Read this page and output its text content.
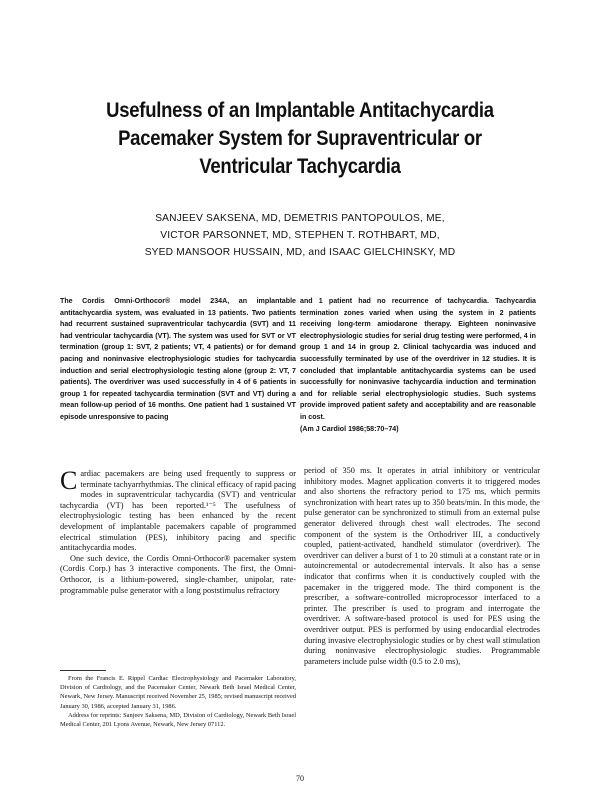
Usefulness of an Implantable Antitachycardia Pacemaker System for Supraventricular or Ventricular Tachycardia
SANJEEV SAKSENA, MD, DEMETRIS PANTOPOULOS, ME,
VICTOR PARSONNET, MD, STEPHEN T. ROTHBART, MD,
SYED MANSOOR HUSSAIN, MD, and ISAAC GIELCHINSKY, MD

The Cordis Omni-Orthocor® model 234A, an implantable antitachycardia system, was evaluated in 13 patients. Two patients had recurrent sustained supraventricular tachycardia (SVT) and 11 had ventricular tachycardia (VT). The system was used for SVT or VT termination (group 1: SVT, 2 patients; VT, 4 patients) or for demand pacing and noninvasive electrophysiologic studies for tachycardia induction and serial electrophysiologic testing alone (group 2: VT, 7 patients). The overdriver was used successfully in 4 of 6 patients in group 1 for repeated tachycardia termination (SVT and VT) during a mean follow-up period of 16 months. One patient had 1 sustained VT episode unresponsive to pacing

and 1 patient had no recurrence of tachycardia. Tachycardia termination zones varied when using the system in 2 patients receiving long-term amiodarone therapy. Eighteen noninvasive electrophysiologic studies for serial drug testing were performed, 4 in group 1 and 14 in group 2. Clinical tachycardia was induced and successfully terminated by use of the overdriver in 12 studies. It is concluded that implantable antitachycardia systems can be used successfully for noninvasive tachycardia induction and termination and for reliable serial electrophysiologic studies. Such systems provide improved patient safety and acceptability and are reasonable in cost.
(Am J Cardiol 1986;58:70–74)

Cardiac pacemakers are being used frequently to suppress or terminate tachyarrhythmias. The clinical efficacy of rapid pacing modes in supraventricular tachycardia (SVT) and ventricular tachycardia (VT) has been reported.¹⁻⁵ The usefulness of electrophysiologic testing has been enhanced by the recent development of implantable pacemakers capable of programmed electrical stimulation (PES), inhibitory pacing and specific antitachycardia modes.

One such device, the Cordis Omni-Orthocor® pacemaker system (Cordis Corp.) has 3 interactive components. The first, the Omni-Orthocor, is a lithium-powered, single-chamber, unipolar, rate-programmable pulse generator with a long poststimulus refractory

From the Francis E. Rippel Cardiac Electrophysiology and Pacemaker Laboratory, Division of Cardiology, and the Pacemaker Center, Newark Beth Israel Medical Center, Newark, New Jersey. Manuscript received November 25, 1985; revised manuscript received January 30, 1986, accepted January 31, 1986.

Address for reprints: Sanjeev Saksena, MD, Division of Cardiology, Newark Beth Israel Medical Center, 201 Lyons Avenue, Newark, New Jersey 07112.

period of 350 ms. It operates in atrial inhibitory or ventricular inhibitory modes. Magnet application converts it to triggered modes and also shortens the refractory period to 175 ms, which permits synchronization with heart rates up to 350 beats/min. In this mode, the pulse generator can be synchronized to stimuli from an external pulse generator delivered through chest wall electrodes. The second component of the system is the Orthodriver III, a conductively coupled, patient-activated, handheld stimulator (overdriver). The overdriver can deliver a burst of 1 to 20 stimuli at a constant rate or in autoincremental or autodecremental intervals. It also has a sense indicator that confirms when it is conductively coupled with the pacemaker in the triggered mode. The third component is the prescriber, a software-controlled microprocessor interfaced to a printer. The prescriber is used to program and interrogate the overdriver. A software-based protocol is used for PES using the overdriver output. PES is performed by using endocardial electrodes during invasive electrophysiologic studies or by chest wall stimulation during noninvasive electrophysiologic studies. Programmable parameters include pulse width (0.5 to 2.0 ms),

70
